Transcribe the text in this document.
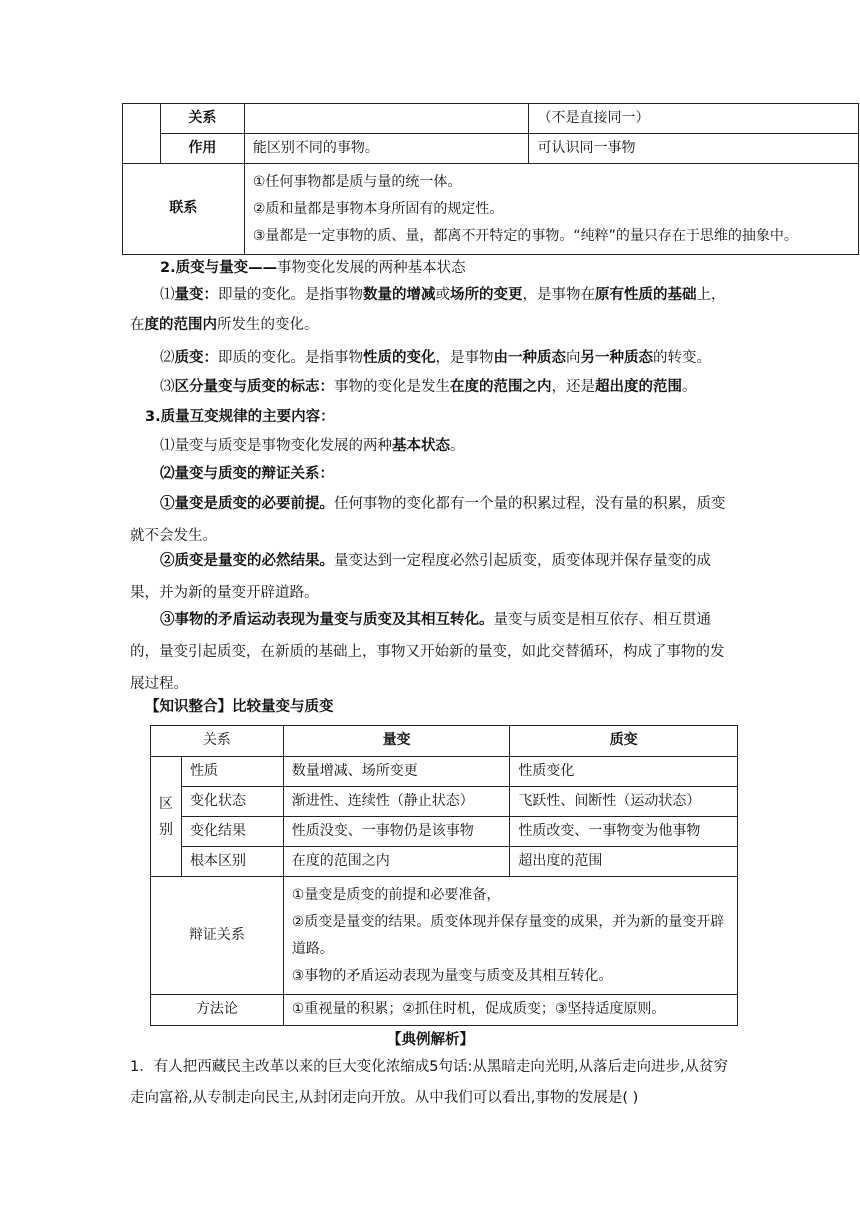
	关系		（不是直接同一）
	作用	能区别不同的事物。	可认识同一事物
联系		①任何事物都是质与量的统一体。

②质和量都是事物本身所固有的规定性。

③量都是一定事物的质、量，都离不开特定的事物。“纯粹”的量只存在于思维的抽象中。	

2.质变与量变——事物变化发展的两种基本状态
⑴量变：即量的变化。是指事物数量的增减或场所的变更，是事物在原有性质的基础上，在度的范围内所发生的变化。
⑵质变：即质的变化。是指事物性质的变化，是事物由一种质态向另一种质态的转变。
⑶区分量变与质变的标志：事物的变化是发生在度的范围之内，还是超出度的范围。
3.质量互变规律的主要内容：
⑴量变与质变是事物变化发展的两种基本状态。
⑵量变与质变的辩证关系：
①量变是质变的必要前提。任何事物的变化都有一个量的积累过程，没有量的积累，质变就不会发生。
②质变是量变的必然结果。量变达到一定程度必然引起质变，质变体现并保存量变的成果，并为新的量变开辟道路。
③事物的矛盾运动表现为量变与质变及其相互转化。量变与质变是相互依存、相互贯通的，量变引起质变，在新质的基础上，事物又开始新的量变，如此交替循环，构成了事物的发展过程。
【知识整合】比较量变与质变
关系		量变	质变

区别	性质	数量增减、场所变更	性质变化
	变化状态	渐进性、连续性（静止状态）	飞跃性、间断性（运动状态）
	变化结果	性质没变、一事物仍是该事物	性质改变、一事物变为他事物
	根本区别	在度的范围之内	超出度的范围
辩证关系		①量变是质变的前提和必要准备，

②质变是量变的结果。质变体现并保存量变的成果，并为新的量变开辟道路。

③事物的矛盾运动表现为量变与质变及其相互转化。	

方法论		①重视量的积累；②抓住时机，促成质变；③坚持适度原则。	
【典例解析】
1．有人把西藏民主改革以来的巨大变化浓缩成5句话:从黑暗走向光明,从落后走向进步,从贫穷走向富裕,从专制走向民主,从封闭走向开放。从中我们可以看出,事物的发展是( )
